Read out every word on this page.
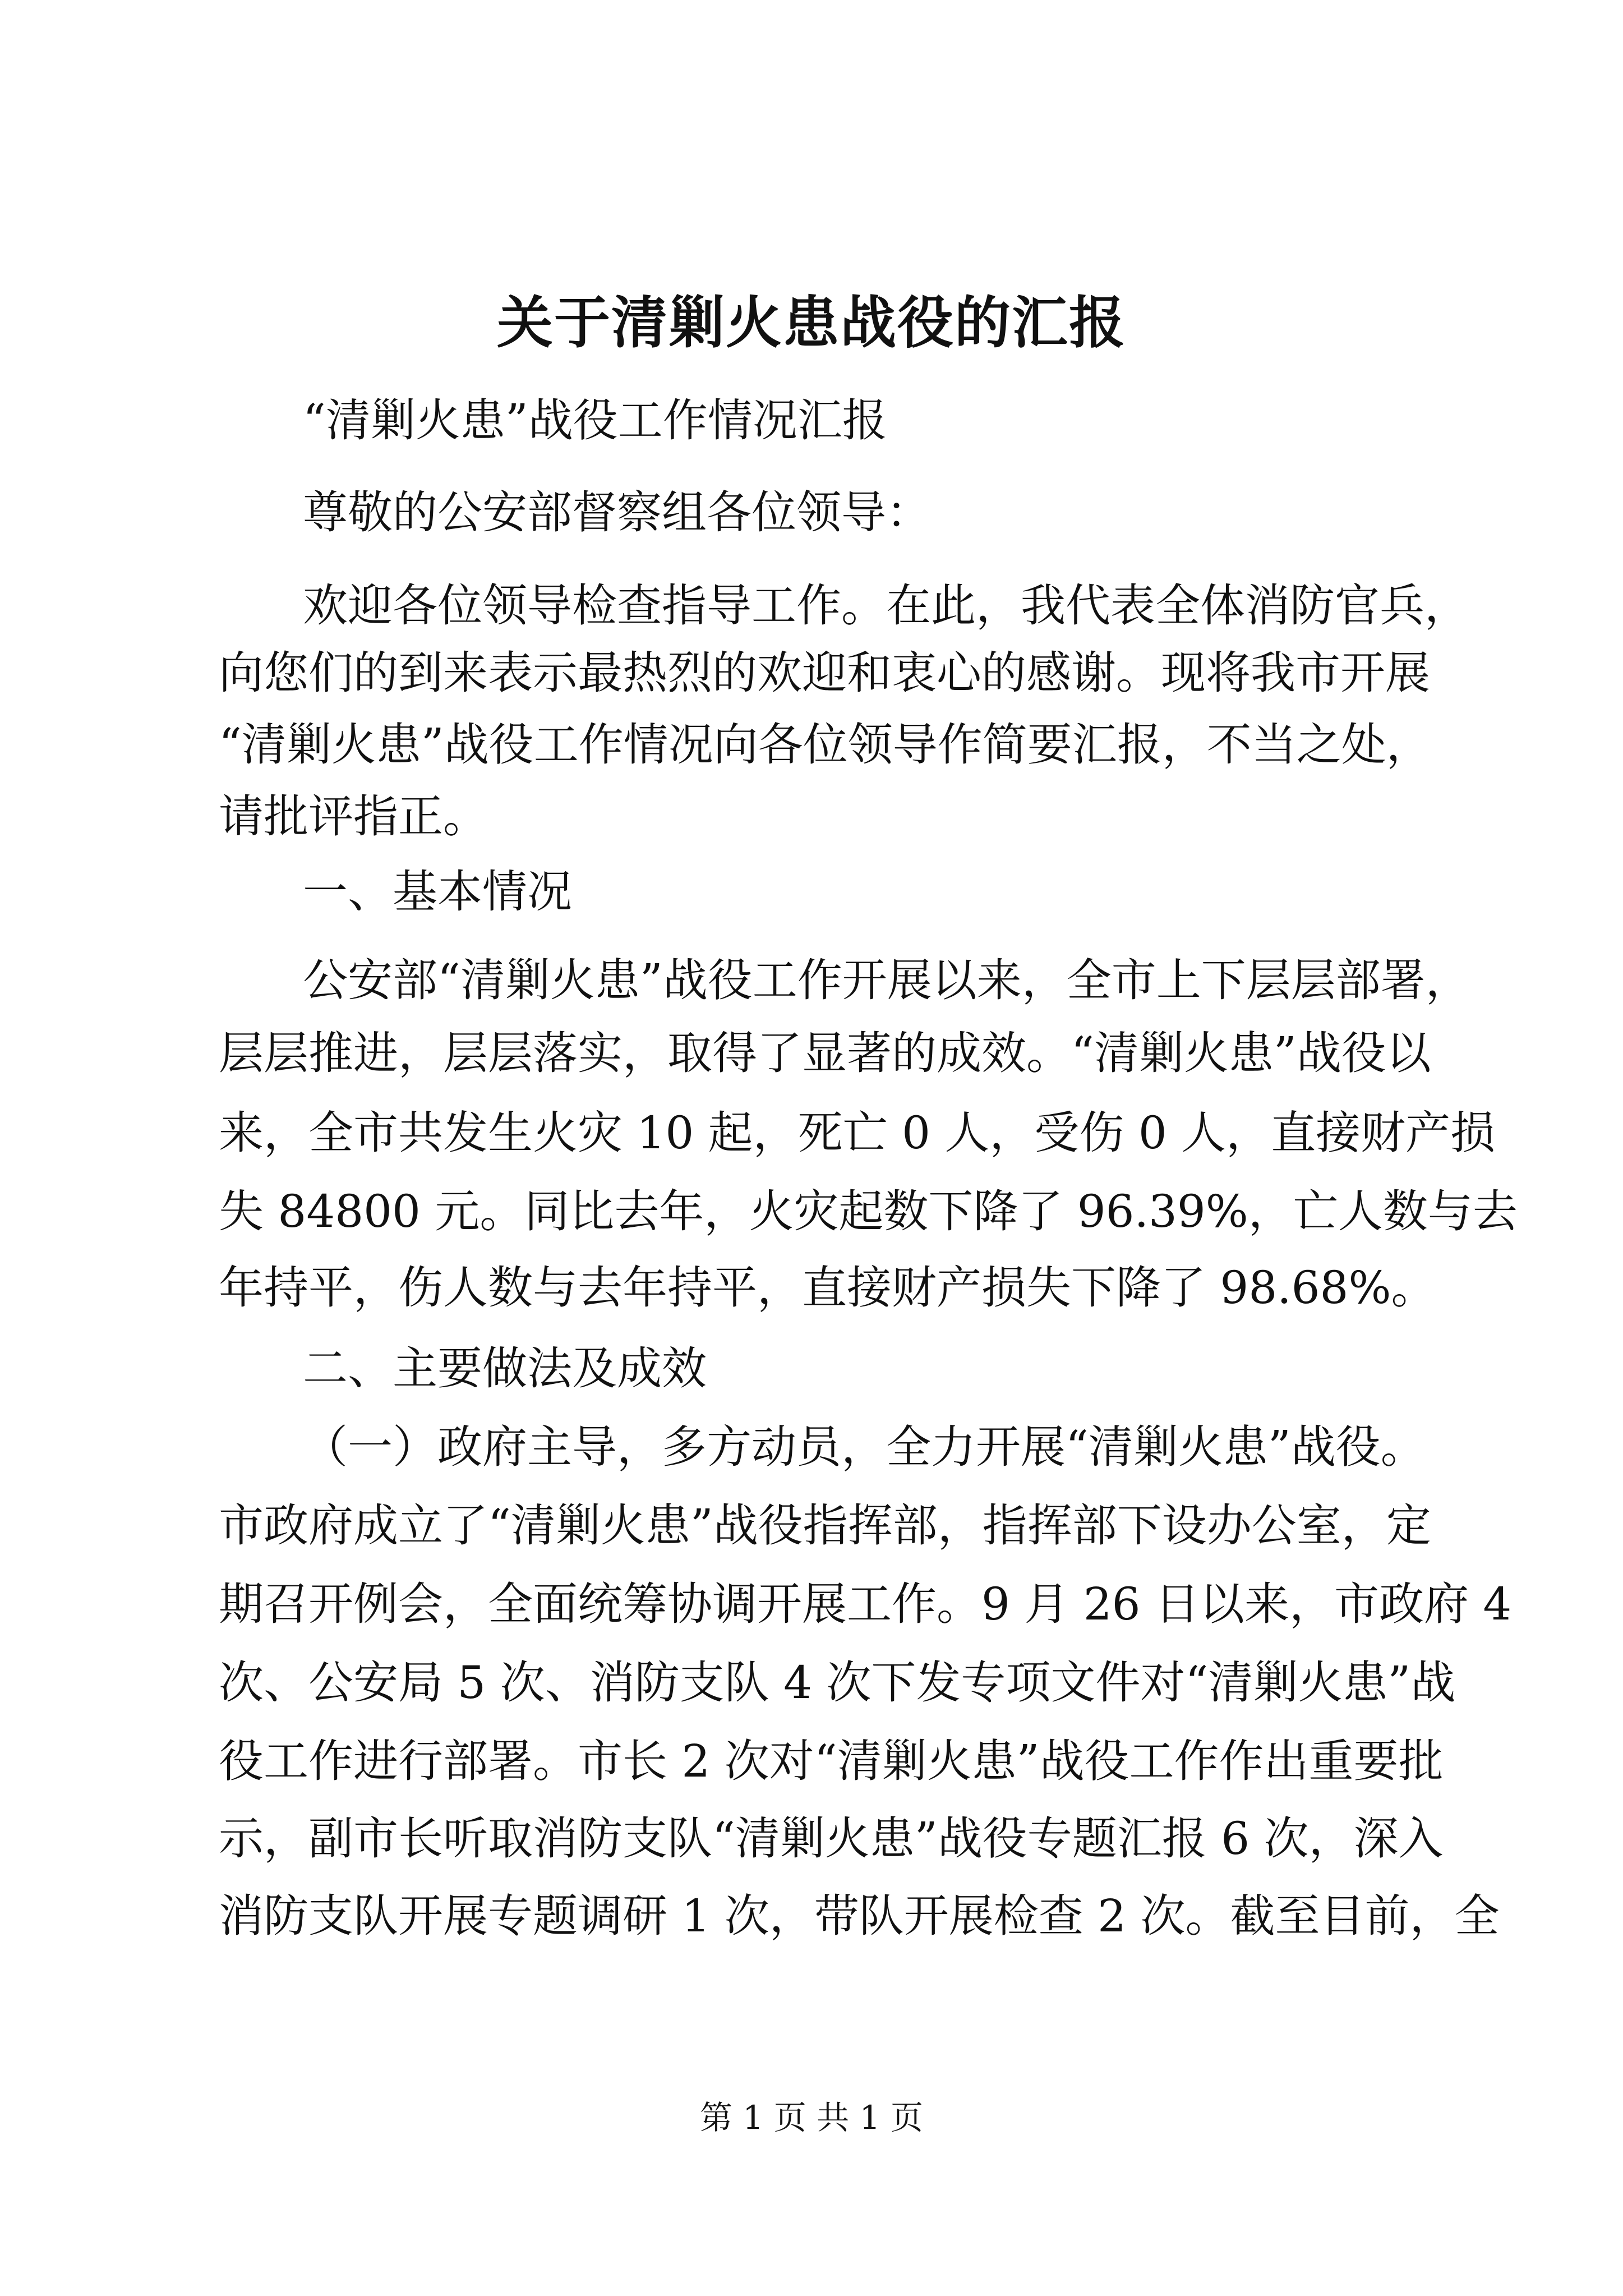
关于清剿火患战役的汇报
“清剿火患”战役工作情况汇报
尊敬的公安部督察组各位领导：
欢迎各位领导检查指导工作。在此，我代表全体消防官兵，
向您们的到来表示最热烈的欢迎和衷心的感谢。现将我市开展
“清剿火患”战役工作情况向各位领导作简要汇报，不当之处，
请批评指正。
一、基本情况
公安部“清剿火患”战役工作开展以来，全市上下层层部署，
层层推进，层层落实，取得了显著的成效。“清剿火患”战役以
来，全市共发生火灾 10 起，死亡 0 人，受伤 0 人，直接财产损
失 84800 元。同比去年，火灾起数下降了 96.39%，亡人数与去
年持平，伤人数与去年持平，直接财产损失下降了 98.68%。
二、主要做法及成效
（一）政府主导，多方动员，全力开展“清剿火患”战役。
市政府成立了“清剿火患”战役指挥部，指挥部下设办公室，定
期召开例会，全面统筹协调开展工作。9 月 26 日以来，市政府 4
次、公安局 5 次、消防支队 4 次下发专项文件对“清剿火患”战
役工作进行部署。市长 2 次对“清剿火患”战役工作作出重要批
示，副市长听取消防支队“清剿火患”战役专题汇报 6 次，深入
消防支队开展专题调研 1 次，带队开展检查 2 次。截至目前，全
第 1 页 共 1 页
